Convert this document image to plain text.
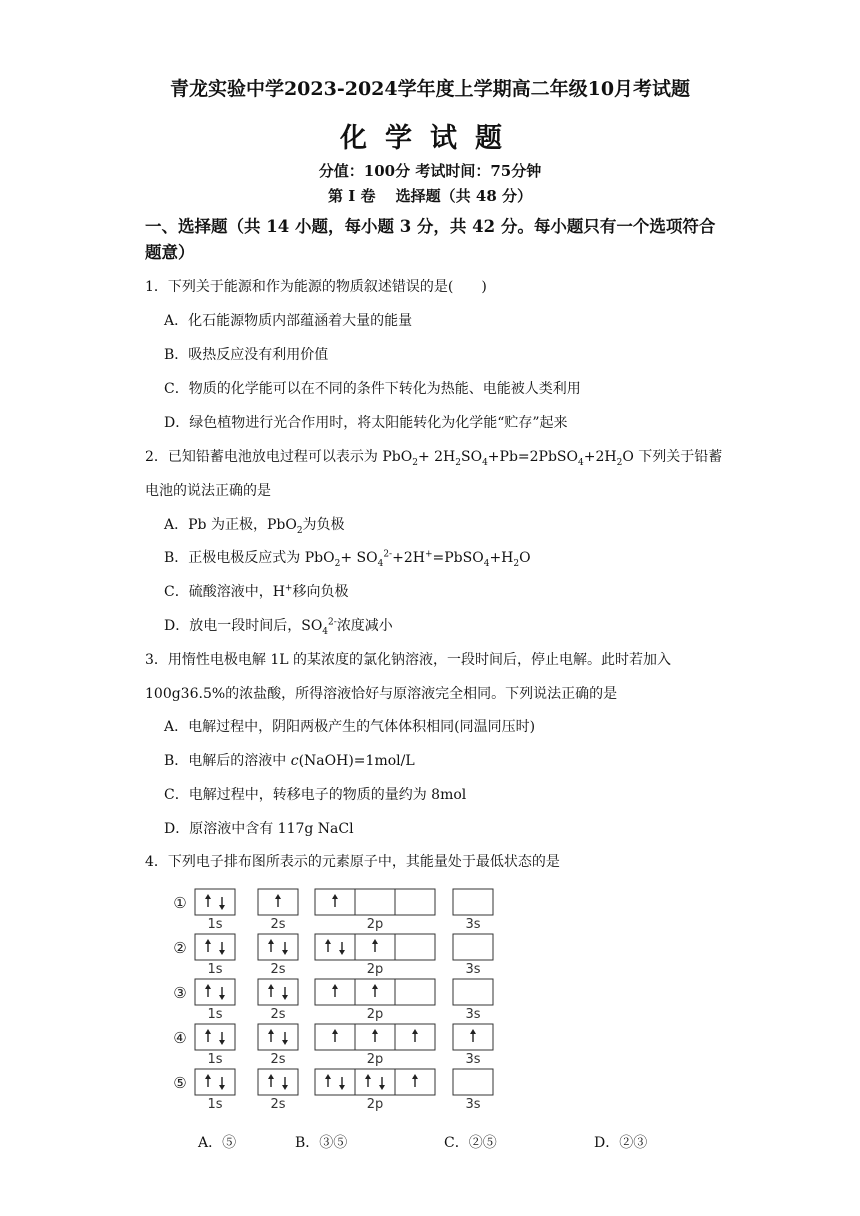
青龙实验中学2023-2024学年度上学期高二年级10月考试题
化学试题
分值：100分 考试时间：75分钟
第 I 卷　 选择题（共 48 分）
一、选择题（共 14 小题，每小题 3 分，共 42 分。每小题只有一个选项符合题意）
1．下列关于能源和作为能源的物质叙述错误的是(　　)
A．化石能源物质内部蕴涵着大量的能量
B．吸热反应没有利用价值
C．物质的化学能可以在不同的条件下转化为热能、电能被人类利用
D．绿色植物进行光合作用时，将太阳能转化为化学能“贮存”起来
2．已知铅蓄电池放电过程可以表示为 $PbO_2+ 2H_2SO_4+Pb=2PbSO_4+2H_2O$ 下列关于铅蓄
电池的说法正确的是
A．Pb 为正极，PbO$_2$为负极
B．正极电极反应式为 $PbO_2+ SO_4^{2-}+2H^+=PbSO_4+H_2O$
C．硫酸溶液中，H+移向负极
D．放电一段时间后，$SO_4^{2-}$浓度减小
3．用惰性电极电解 1L 的某浓度的氯化钠溶液，一段时间后，停止电解。此时若加入
100g36.5%的浓盐酸，所得溶液恰好与原溶液完全相同。下列说法正确的是
A．电解过程中，阴阳两极产生的气体体积相同(同温同压时)
B．电解后的溶液中 c(NaOH)=1mol/L
C．电解过程中，转移电子的物质的量约为 8mol
D．原溶液中含有 117g NaCl
4．下列电子排布图所表示的元素原子中，其能量处于最低状态的是
①
1s	2s	2p	3s
②
1s	2s	2p	3s
③
1s	2s	2p	3s
④
1s	2s	2p	3s
⑤
1s	2s	2p	3s
A．⑤	B．③⑤	C．②⑤	D．②③
